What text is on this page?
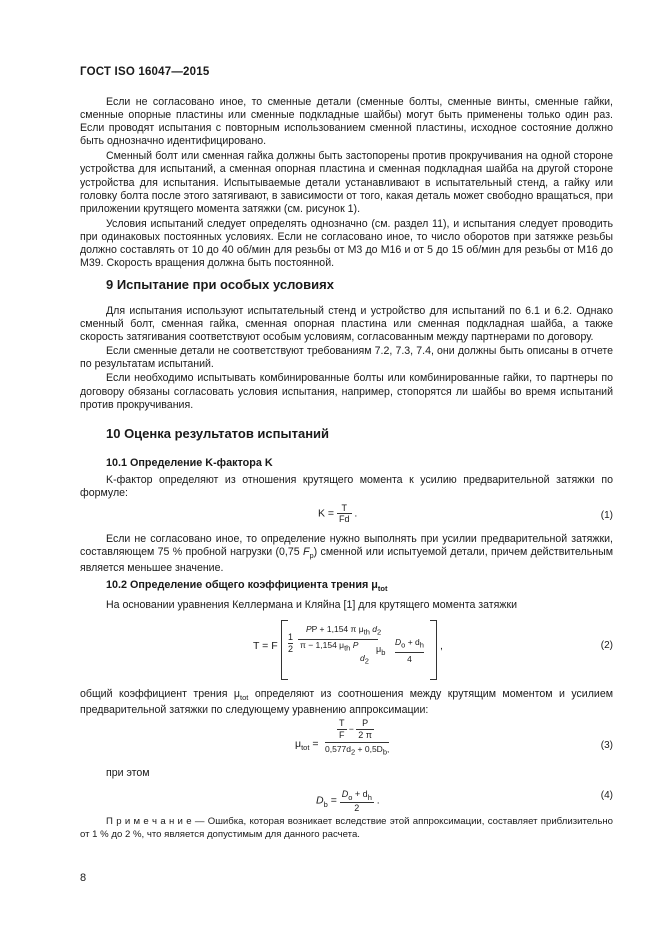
ГОСТ ISO 16047—2015

Если не согласовано иное, то сменные детали (сменные болты, сменные винты, сменные гайки, сменные опорные пластины или сменные подкладные шайбы) могут быть применены только один раз. Если проводят испытания с повторным использованием сменной пластины, исходное состояние должно быть однозначно идентифицировано.

Сменный болт или сменная гайка должны быть застопорены против прокручивания на одной стороне устройства для испытаний, а сменная опорная пластина и сменная подкладная шайба на другой стороне устройства для испытания. Испытываемые детали устанавливают в испытательный стенд, а гайку или головку болта после этого затягивают, в зависимости от того, какая деталь может свободно вращаться, при приложении крутящего момента затяжки (см. рисунок 1).

Условия испытаний следует определять однозначно (см. раздел 11), и испытания следует проводить при одинаковых постоянных условиях. Если не согласовано иное, то число оборотов при затяжке резьбы должно составлять от 10 до 40 об/мин для резьбы от М3 до М16 и от 5 до 15 об/мин для резьбы от М16 до М39. Скорость вращения должна быть постоянной.

9 Испытание при особых условиях

Для испытания используют испытательный стенд и устройство для испытаний по 6.1 и 6.2. Однако сменный болт, сменная гайка, сменная опорная пластина или сменная подкладная шайба, а также скорость затягивания соответствуют особым условиям, согласованным между партнерами по договору.

Если сменные детали не соответствуют требованиям 7.2, 7.3, 7.4, они должны быть описаны в отчете по результатам испытаний.

Если необходимо испытывать комбинированные болты или комбинированные гайки, то партнеры по договору обязаны согласовать условия испытания, например, стопорятся ли шайбы во время испытаний против прокручивания.

10 Оценка результатов испытаний
10.1 Определение K-фактора K

K-фактор определяют из отношения крутящего момента к усилию предварительной затяжки по формуле:

$K = \frac{T}{Fd}$ .	(1)

Если не согласовано иное, то определение нужно выполнять при усилии предварительной затяжки, составляющем 75 % пробной нагрузки (0,75 $F_p$) сменной или испытуемой детали, причем действительным является меньшее значение.

10.2 Определение общего коэффициента трения $\mu_{tot}$

На основании уравнения Келлермана и Кляйна [1] для крутящего момента затяжки

T = F
1
2
PP + 1,154 π $\mu_{th}$ $d_2$
π − 1,154 $\mu_{th}$ P
$d_2$
$\mu_b$
$D_o + d_h$
4
,	(2)

общий коэффициент трения $\mu_{tot}$ определяют из соотношения между крутящим моментом и усилием предварительной затяжки по следующему уравнению аппроксимации:

$\mu_{tot}$ =
$\frac{T}{F} - \frac{P}{2 \pi}$
$0,577d_2 + 0,5D_b$,	(3)

при этом

$D_b = \frac{D_o + d_h}{2}$ .	(4)
П р и м е ч а н и е — Ошибка, которая возникает вследствие этой аппроксимации, составляет приблизительно от 1 % до 2 %, что является допустимым для данного расчета.
8
